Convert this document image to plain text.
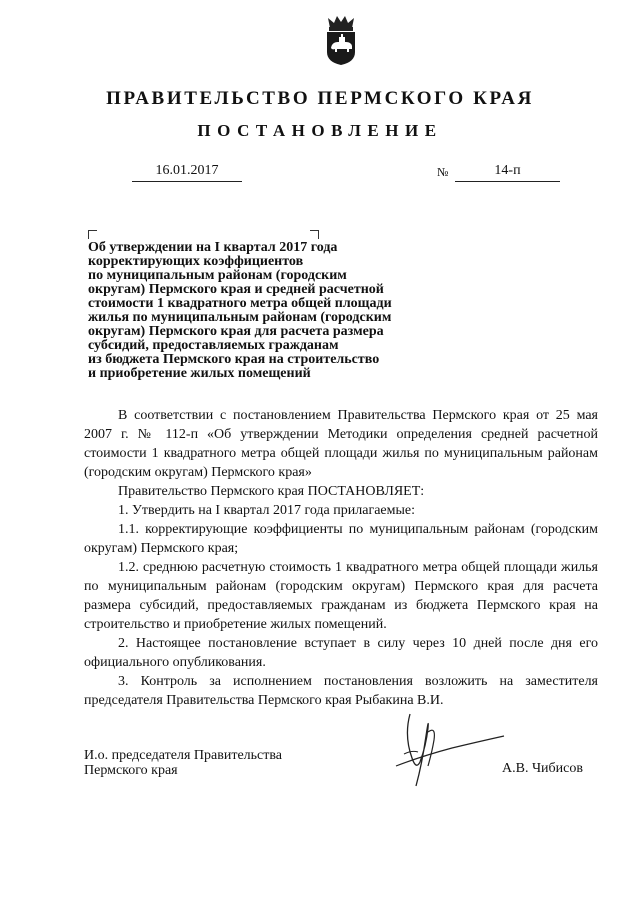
ПРАВИТЕЛЬСТВО ПЕРМСКОГО КРАЯ
ПОСТАНОВЛЕНИЕ
16.01.2017	№	14-п
Об утверждении на I квартал 2017 года
корректирующих коэффициентов
по муниципальным районам (городским
округам) Пермского края и средней расчетной
стоимости 1 квадратного метра общей площади
жилья по муниципальным районам (городским
округам) Пермского края для расчета размера
субсидий, предоставляемых гражданам
из бюджета Пермского края на строительство
и приобретение жилых помещений

В соответствии с постановлением Правительства Пермского края от 25 мая 2007 г. № 112-п «Об утверждении Методики определения средней расчетной стоимости 1 квадратного метра общей площади жилья по муниципальным районам (городским округам) Пермского края»

Правительство Пермского края ПОСТАНОВЛЯЕТ:

1. Утвердить на I квартал 2017 года прилагаемые:

1.1. корректирующие коэффициенты по муниципальным районам (городским округам) Пермского края;

1.2. среднюю расчетную стоимость 1 квадратного метра общей площади жилья по муниципальным районам (городским округам) Пермского края для расчета размера субсидий, предоставляемых гражданам из бюджета Пермского края на строительство и приобретение жилых помещений.

2. Настоящее постановление вступает в силу через 10 дней после дня его официального опубликования.

3. Контроль за исполнением постановления возложить на заместителя председателя Правительства Пермского края Рыбакина В.И.

И.о. председателя Правительства
Пермского края	А.В. Чибисов
